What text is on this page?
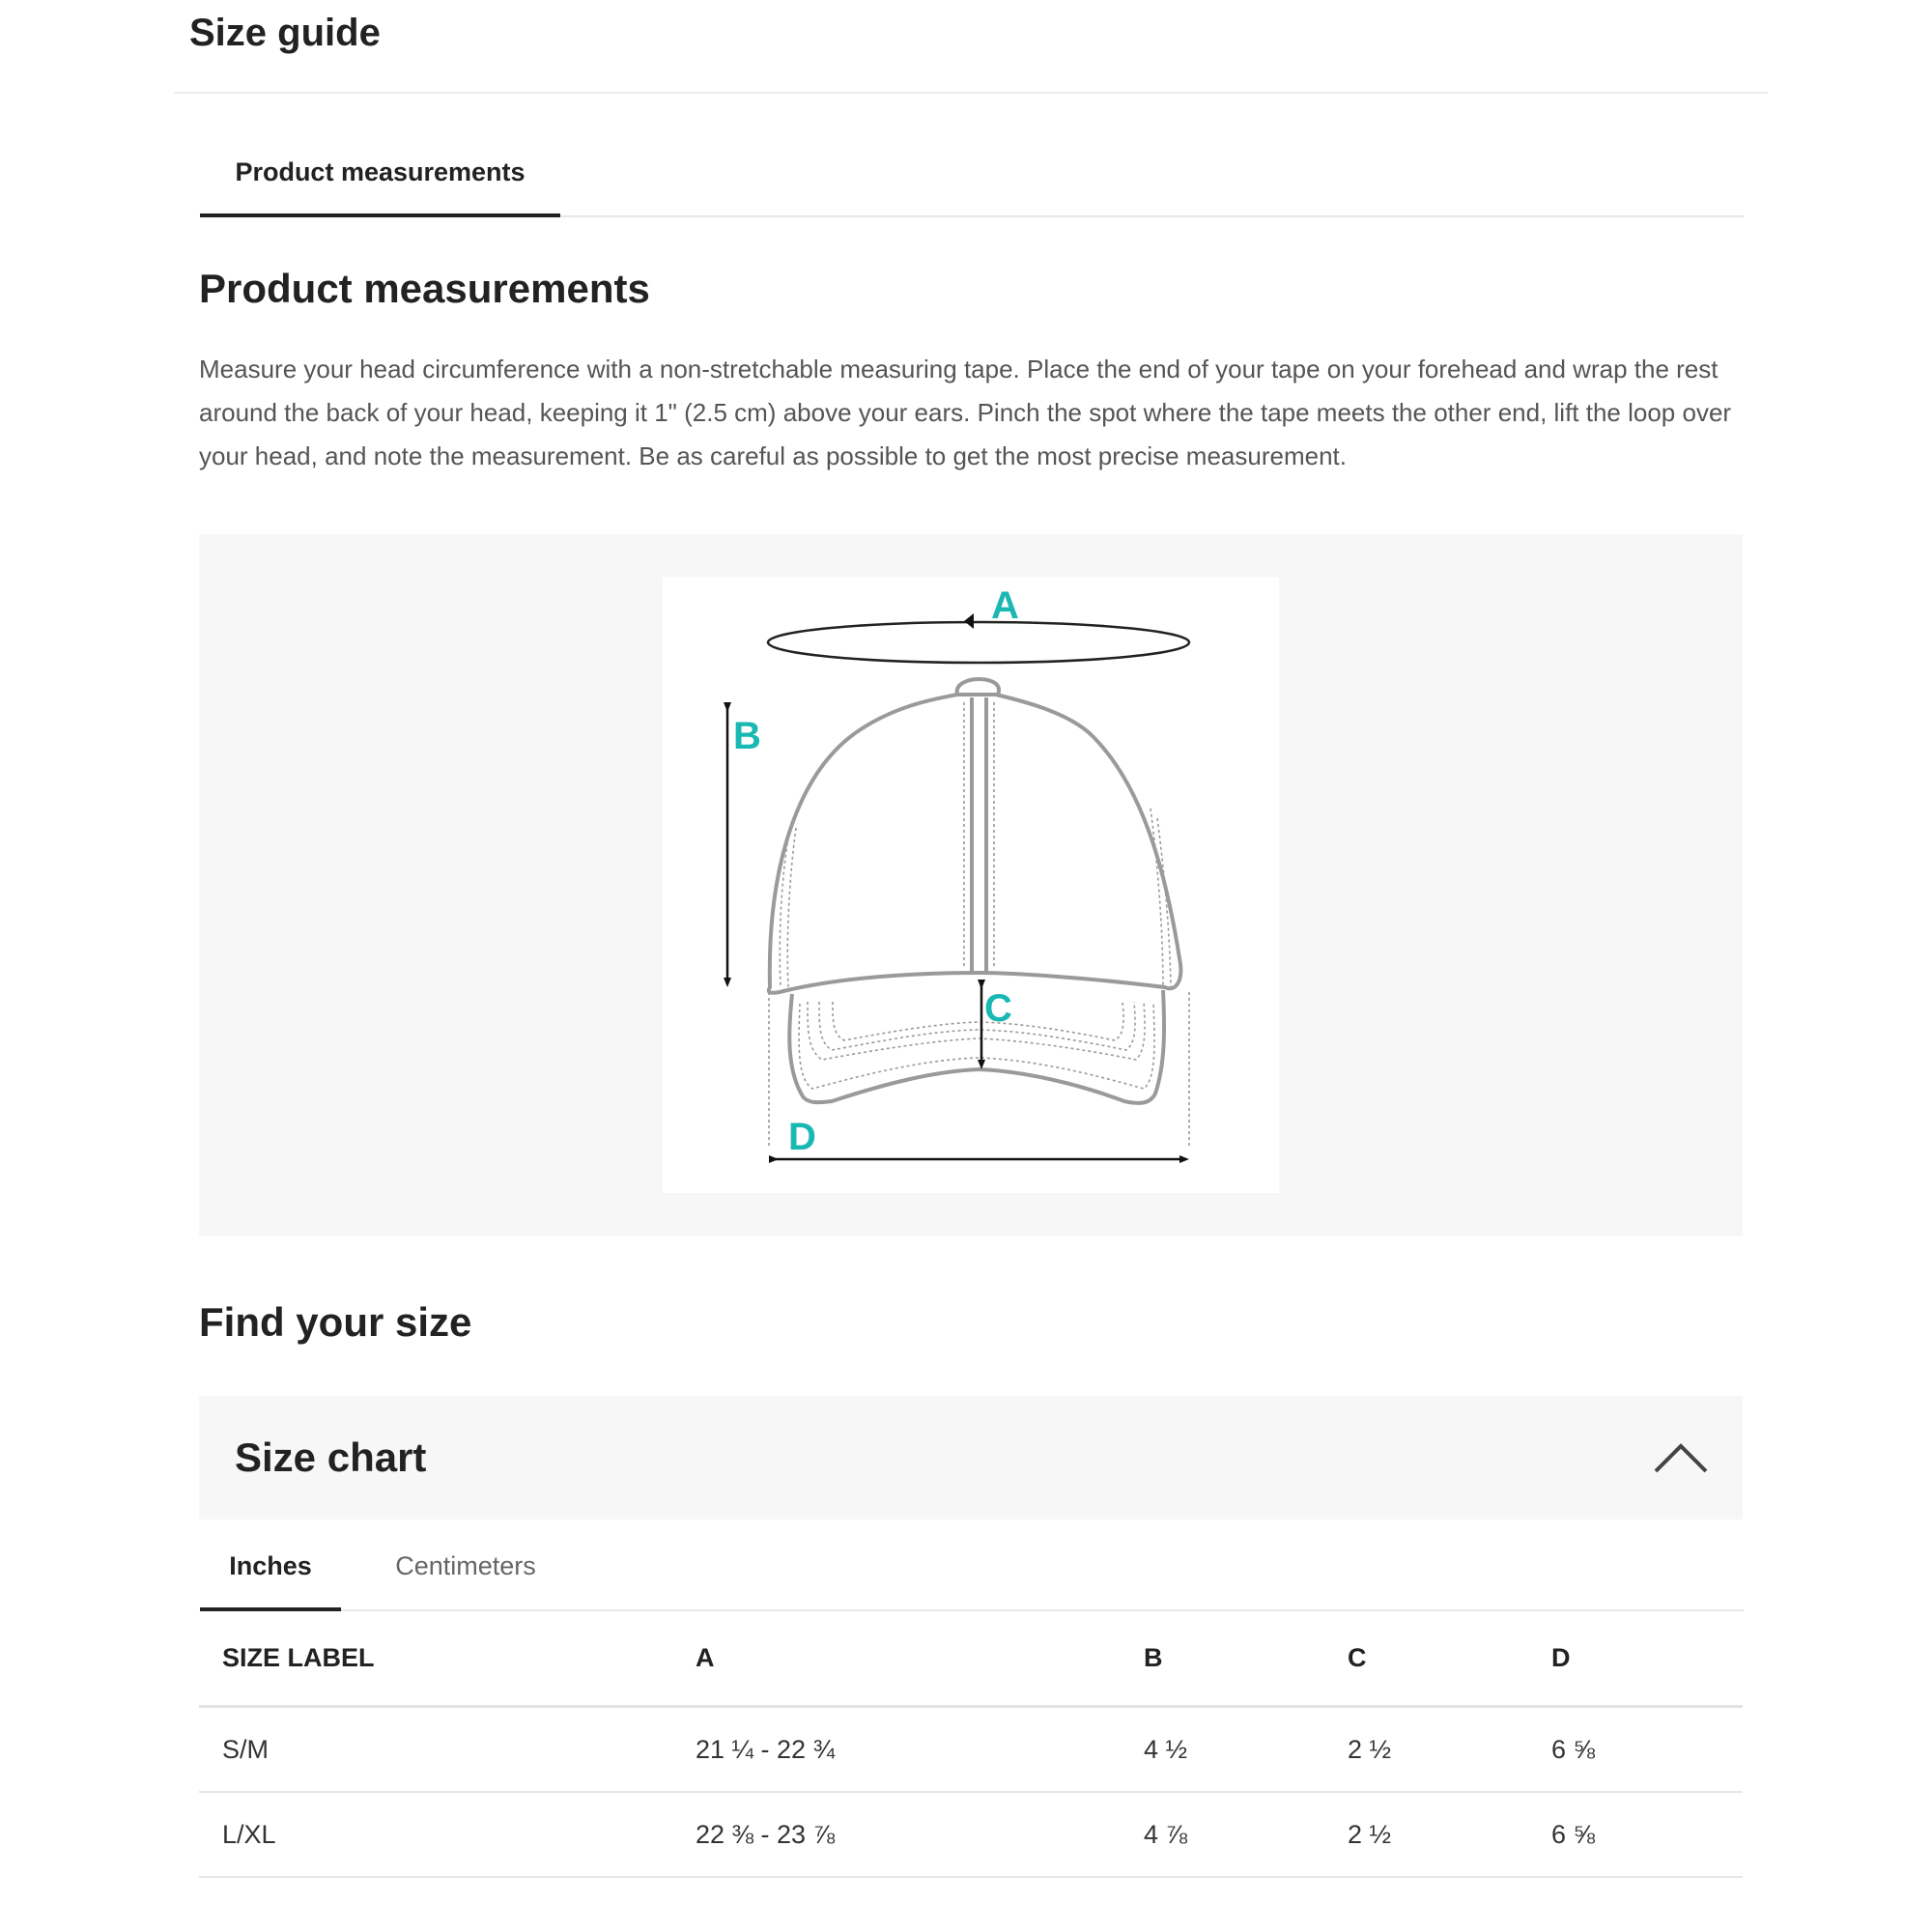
Size guide
Product measurements
Product measurements
Measure your head circumference with a non-stretchable measuring tape. Place the end of your tape on your forehead and wrap the rest around the back of your head, keeping it 1" (2.5 cm) above your ears. Pinch the spot where the tape meets the other end, lift the loop over your head, and note the measurement. Be as careful as possible to get the most precise measurement.
A
B
C
D
Find your size
Size chart
Inches	Centimeters
SIZE LABEL	A	B	C	D
S/M	21 ¼ - 22 ¾	4 ½	2 ½	6 ⅝
L/XL	22 ⅜ - 23 ⅞	4 ⅞	2 ½	6 ⅝
